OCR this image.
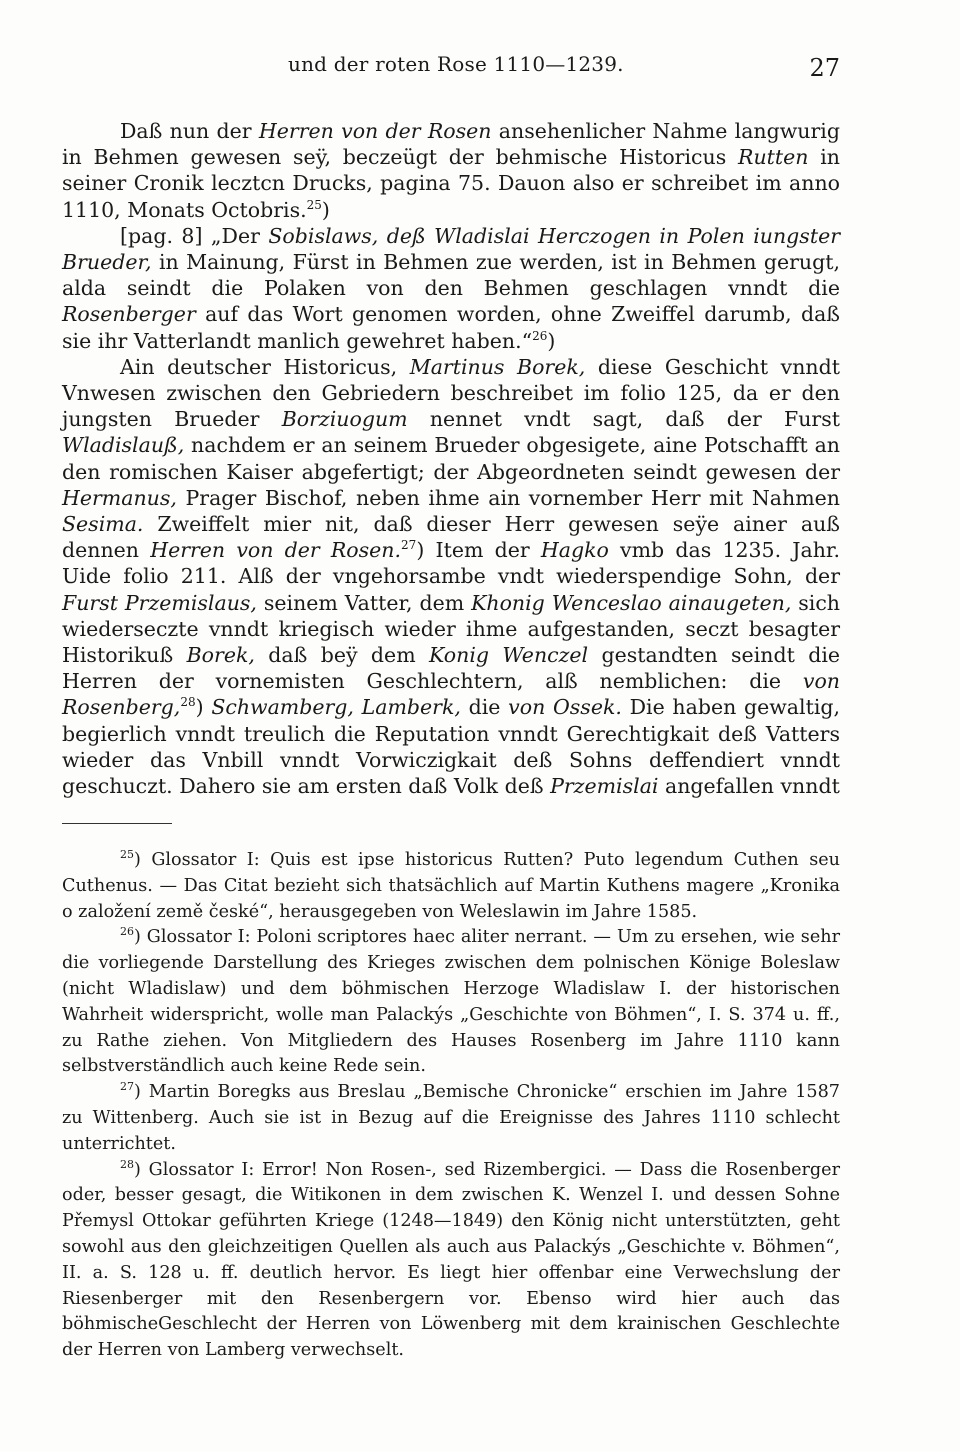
und der roten Rose 1110—1239.	27

Daß nun der Herren von der Rosen ansehenlicher Nahme langwurig in Behmen gewesen seÿ, beczeügt der behmische Historicus Rutten in seiner Cronik lecztcn Drucks, pagina 75. Dauon also er schreibet im anno 1110, Monats Octobris.$^{25}$)

[pag. 8] „Der Sobislaws, deß Wladislai Herczogen in Polen iungster Brueder, in Mainung, Fürst in Behmen zue werden, ist in Behmen gerugt, alda seindt die Polaken von den Behmen geschlagen vnndt die Rosenberger auf das Wort genomen worden, ohne Zweiffel darumb, daß sie ihr Vatterlandt manlich gewehret haben.“$^{26}$)

Ain deutscher Historicus, Martinus Borek, diese Geschicht vnndt Vnwesen zwischen den Gebriedern beschreibet im folio 125, da er den jungsten Brueder Borziuogum nennet vndt sagt, daß der Furst Wladislauß, nachdem er an seinem Brueder obgesigete, aine Potschafft an den romischen Kaiser abgefertigt; der Abgeordneten seindt gewesen der Hermanus, Prager Bischof, neben ihme ain vornember Herr mit Nahmen Sesima. Zweiffelt mier nit, daß dieser Herr gewesen seÿe ainer auß dennen Herren von der Rosen.$^{27}$) Item der Hagko vmb das 1235. Jahr. Uide folio 211. Alß der vngehorsambe vndt wiederspendige Sohn, der Furst Przemislaus, seinem Vatter, dem Khonig Wenceslao ainaugeten, sich wiederseczte vnndt kriegisch wieder ihme aufgestanden, seczt besagter Historikuß Borek, daß beÿ dem Konig Wenczel gestandten seindt die Herren der vornemisten Geschlechtern, alß nemblichen: die von Rosenberg,$^{28}$) Schwamberg, Lamberk, die von Ossek. Die haben gewaltig, begierlich vnndt treulich die Reputation vnndt Gerechtigkait deß Vatters wieder das Vnbill vnndt Vorwiczigkait deß Sohns deffendiert vnndt geschuczt. Dahero sie am ersten daß Volk deß Przemislai angefallen vnndt

$^{25}$) Glossator I: Quis est ipse historicus Rutten? Puto legendum Cuthen seu Cuthenus. — Das Citat bezieht sich thatsächlich auf Martin Kuthens magere „Kronika o založení země české“, herausgegeben von Weleslawin im Jahre 1585.

$^{26}$) Glossator I: Poloni scriptores haec aliter nerrant. — Um zu ersehen, wie sehr die vorliegende Darstellung des Krieges zwischen dem polnischen Könige Boleslaw (nicht Wladislaw) und dem böhmischen Herzoge Wladislaw I. der historischen Wahrheit widerspricht, wolle man Palackýs „Geschichte von Böhmen“, I. S. 374 u. ff., zu Rathe ziehen. Von Mitgliedern des Hauses Rosenberg im Jahre 1110 kann selbstverständlich auch keine Rede sein.

$^{27}$) Martin Boregks aus Breslau „Bemische Chronicke“ erschien im Jahre 1587 zu Wittenberg. Auch sie ist in Bezug auf die Ereignisse des Jahres 1110 schlecht unterrichtet.

$^{28}$) Glossator I: Error! Non Rosen-, sed Rizembergici. — Dass die Rosenberger oder, besser gesagt, die Witikonen in dem zwischen K. Wenzel I. und dessen Sohne Přemysl Ottokar geführten Kriege (1248—1849) den König nicht unterstützten, geht sowohl aus den gleichzeitigen Quellen als auch aus Palackýs „Geschichte v. Böhmen“, II. a. S. 128 u. ff. deutlich hervor. Es liegt hier offenbar eine Verwechslung der Riesenberger mit den Resenbergern vor. Ebenso wird hier auch das böhmischeGeschlecht der Herren von Löwenberg mit dem krainischen Geschlechte der Herren von Lamberg verwechselt.
